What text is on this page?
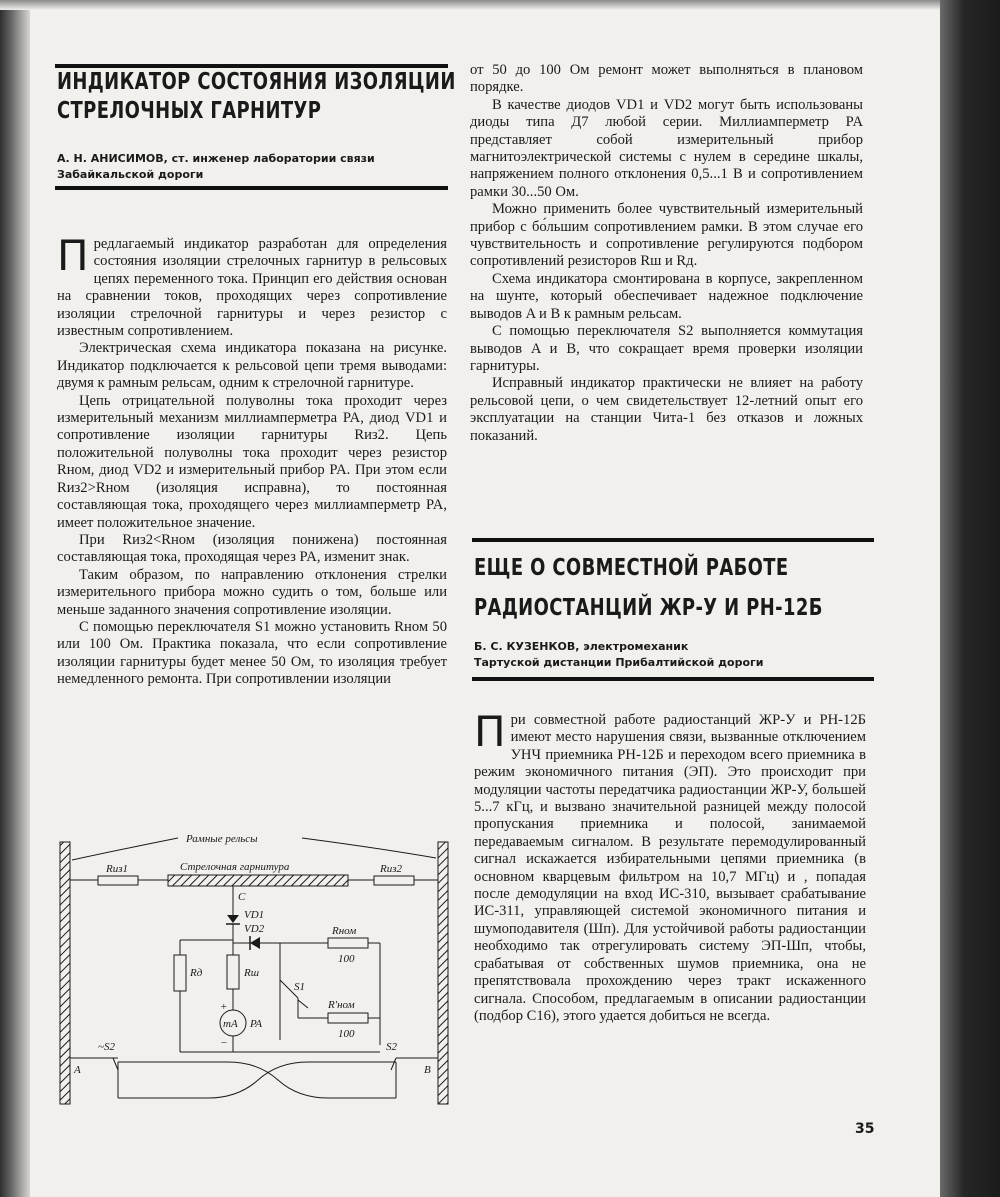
ИНДИКАТОР СОСТОЯНИЯ ИЗОЛЯЦИИ
СТРЕЛОЧНЫХ ГАРНИТУР
А. Н. АНИСИМОВ, ст. инженер лаборатории связи
Забайкальской дороги

Предлагаемый индикатор разработан для определения состояния изоляции стрелочных гарнитур в рельсовых цепях переменного тока. Принцип его действия основан на сравнении токов, проходящих через сопротивление изоляции стрелочной гарнитуры и через резистор с известным сопротивлением.

Электрическая схема индикатора показана на рисунке. Индикатор подключается к рельсовой цепи тремя выводами: двумя к рамным рельсам, одним к стрелочной гарнитуре.

Цепь отрицательной полуволны тока проходит через измерительный механизм миллиамперметра PA, диод VD1 и сопротивление изоляции гарнитуры Rиз2. Цепь положительной полуволны тока проходит через резистор Rном, диод VD2 и измерительный прибор PA. При этом если Rиз2>Rном (изоляция исправна), то постоянная составляющая тока, проходящего через миллиамперметр PA, имеет положительное значение.

При Rиз2<Rном (изоляция понижена) постоянная составляющая тока, проходящая через PA, изменит знак.

Таким образом, по направлению отклонения стрелки измерительного прибора можно судить о том, больше или меньше заданного значения сопротивление изоляции.

С помощью переключателя S1 можно установить Rном 50 или 100 Ом. Практика показала, что если сопротивление изоляции гарнитуры будет менее 50 Ом, то изоляция требует немедленного ремонта. При сопротивлении изоляции

Рамные рельсы
Стрелочная гарнитура
Rиз1	Rиз2
С
VD1
VD2	Rном
100
S1
R'ном
100
Rд	Rш
+
mA PA
−
~S2	S2
A	B

от 50 до 100 Ом ремонт может выполняться в плановом порядке.

В качестве диодов VD1 и VD2 могут быть использованы диоды типа Д7 любой серии. Миллиамперметр PA представляет собой измерительный прибор магнитоэлектрической системы с нулем в середине шкалы, напряжением полного отклонения 0,5...1 В и сопротивлением рамки 30...50 Ом.

Можно применить более чувствительный измерительный прибор с бо́льшим сопротивлением рамки. В этом случае его чувствительность и сопротивление регулируются подбором сопротивлений резисторов Rш и Rд.

Схема индикатора смонтирована в корпусе, закрепленном на шунте, который обеспечивает надежное подключение выводов A и B к рамным рельсам.

С помощью переключателя S2 выполняется коммутация выводов A и B, что сокращает время проверки изоляции гарнитуры.

Исправный индикатор практически не влияет на работу рельсовой цепи, о чем свидетельствует 12-летний опыт его эксплуатации на станции Чита-1 без отказов и ложных показаний.

ЕЩЕ О СОВМЕСТНОЙ РАБОТЕ
РАДИОСТАНЦИЙ ЖР-У И РН-12Б
Б. С. КУЗЕНКОВ, электромеханик
Тартуской дистанции Прибалтийской дороги

При совместной работе радиостанций ЖР-У и РН-12Б имеют место нарушения связи, вызванные отключением УНЧ приемника РН-12Б и переходом всего приемника в режим экономичного питания (ЭП). Это происходит при модуляции частоты передатчика радиостанции ЖР-У, большей 5...7 кГц, и вызвано значительной разницей между полосой пропускания приемника и полосой, занимаемой передаваемым сигналом. В результате перемодулированный сигнал искажается избирательными цепями приемника (в основном кварцевым фильтром на 10,7 МГц) и , попадая после демодуляции на вход ИС-310, вызывает срабатывание ИС-311, управляющей системой экономичного питания и шумоподавителя (Шп). Для устойчивой работы радиостанции необходимо так отрегулировать систему ЭП-Шп, чтобы, срабатывая от собственных шумов приемника, она не препятствовала прохождению через тракт искаженного сигнала. Способом, предлагаемым в описании радиостанции (подбор С16), этого удается добиться не всегда.

35
